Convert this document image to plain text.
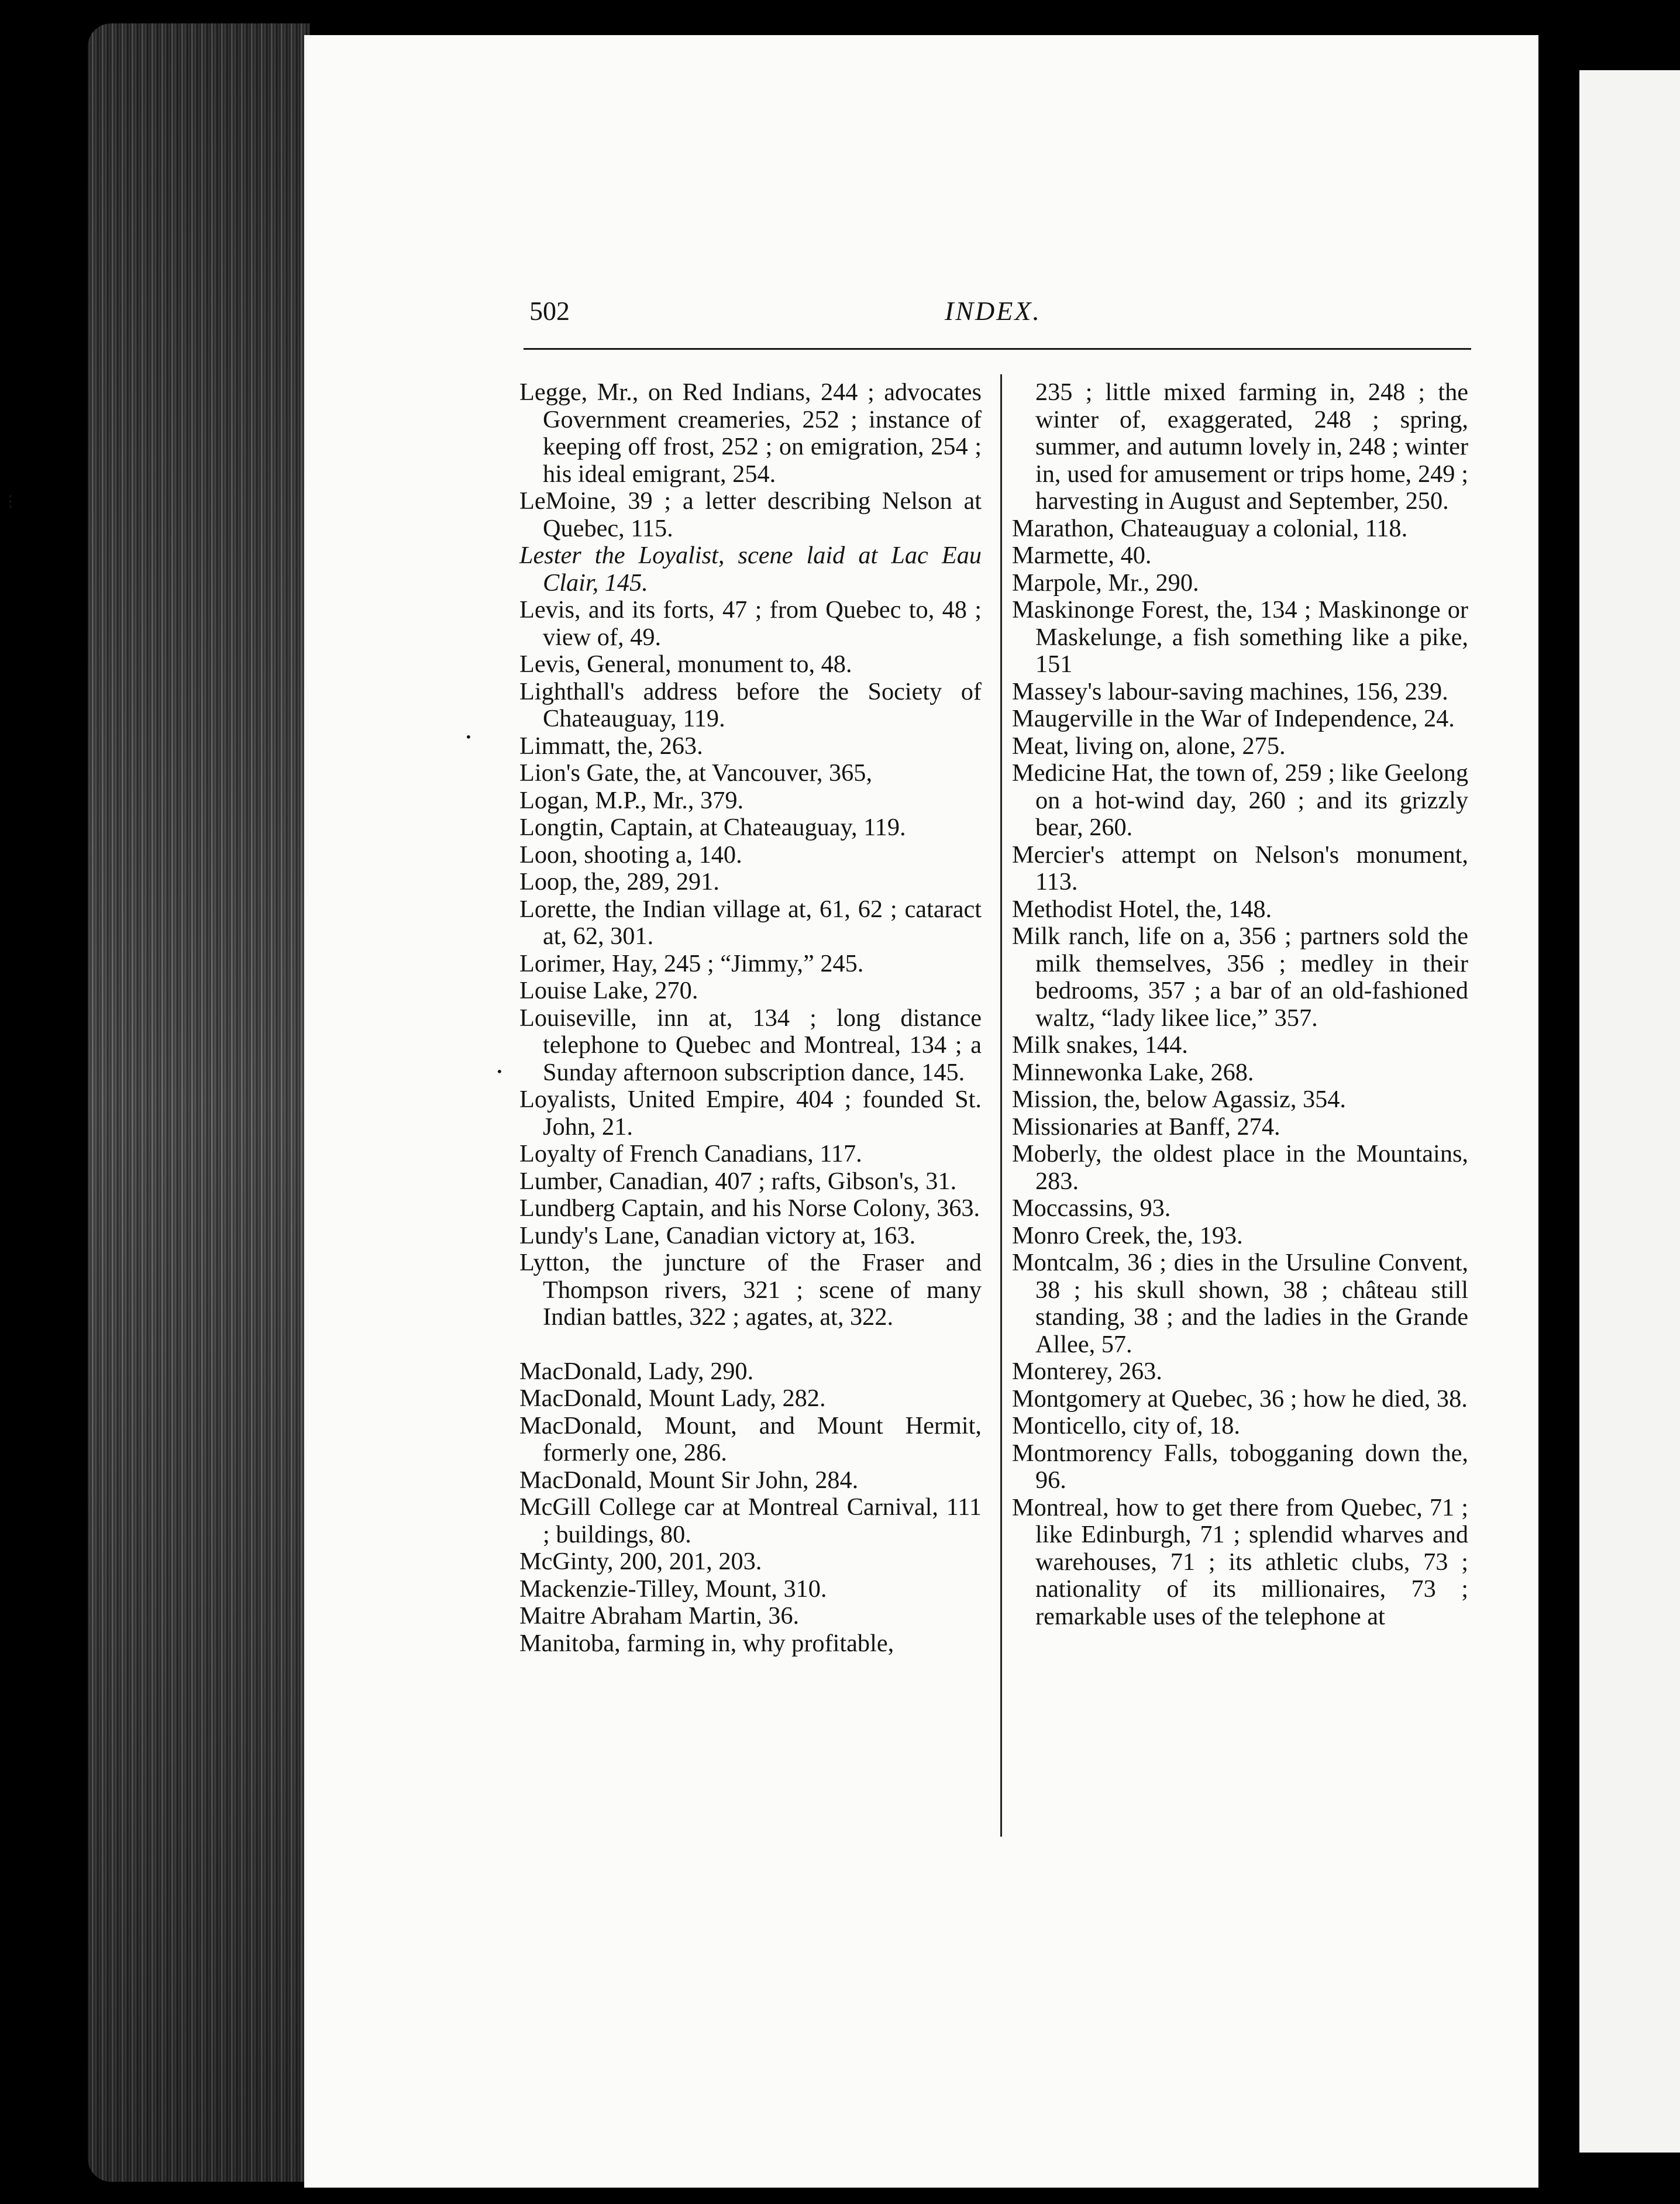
⁝
•
•
502	INDEX.

Legge, Mr., on Red Indians, 244 ; advocates Government creameries, 252 ; instance of keeping off frost, 252 ; on emigration, 254 ; his ideal emigrant, 254.

LeMoine, 39 ; a letter describing Nelson at Quebec, 115.

Lester the Loyalist, scene laid at Lac Eau Clair, 145.

Levis, and its forts, 47 ; from Quebec to, 48 ; view of, 49.

Levis, General, monument to, 48.

Lighthall's address before the Society of Chateauguay, 119.

Limmatt, the, 263.

Lion's Gate, the, at Vancouver, 365,

Logan, M.P., Mr., 379.

Longtin, Captain, at Chateauguay, 119.

Loon, shooting a, 140.

Loop, the, 289, 291.

Lorette, the Indian village at, 61, 62 ; cataract at, 62, 301.

Lorimer, Hay, 245 ; “Jimmy,” 245.

Louise Lake, 270.

Louiseville, inn at, 134 ; long distance telephone to Quebec and Montreal, 134 ; a Sunday afternoon subscription dance, 145.

Loyalists, United Empire, 404 ; founded St. John, 21.

Loyalty of French Canadians, 117.

Lumber, Canadian, 407 ; rafts, Gibson's, 31.

Lundberg Captain, and his Norse Colony, 363.

Lundy's Lane, Canadian victory at, 163.

Lytton, the juncture of the Fraser and Thompson rivers, 321 ; scene of many Indian battles, 322 ; agates, at, 322.

MacDonald, Lady, 290.

MacDonald, Mount Lady, 282.

MacDonald, Mount, and Mount Hermit, formerly one, 286.

MacDonald, Mount Sir John, 284.

McGill College car at Montreal Carnival, 111 ; buildings, 80.

McGinty, 200, 201, 203.

Mackenzie-Tilley, Mount, 310.

Maitre Abraham Martin, 36.

Manitoba, farming in, why profitable,

235 ; little mixed farming in, 248 ; the winter of, exaggerated, 248 ; spring, summer, and autumn lovely in, 248 ; winter in, used for amusement or trips home, 249 ; harvesting in August and September, 250.

Marathon, Chateauguay a colonial, 118.

Marmette, 40.

Marpole, Mr., 290.

Maskinonge Forest, the, 134 ; Maskinonge or Maskelunge, a fish something like a pike, 151

Massey's labour-saving machines, 156, 239.

Maugerville in the War of Independence, 24.

Meat, living on, alone, 275.

Medicine Hat, the town of, 259 ; like Geelong on a hot-wind day, 260 ; and its grizzly bear, 260.

Mercier's attempt on Nelson's monument, 113.

Methodist Hotel, the, 148.

Milk ranch, life on a, 356 ; partners sold the milk themselves, 356 ; medley in their bedrooms, 357 ; a bar of an old-fashioned waltz, “lady likee lice,” 357.

Milk snakes, 144.

Minnewonka Lake, 268.

Mission, the, below Agassiz, 354.

Missionaries at Banff, 274.

Moberly, the oldest place in the Mountains, 283.

Moccassins, 93.

Monro Creek, the, 193.

Montcalm, 36 ; dies in the Ursuline Convent, 38 ; his skull shown, 38 ; château still standing, 38 ; and the ladies in the Grande Allee, 57.

Monterey, 263.

Montgomery at Quebec, 36 ; how he died, 38.

Monticello, city of, 18.

Montmorency Falls, tobogganing down the, 96.

Montreal, how to get there from Quebec, 71 ; like Edinburgh, 71 ; splendid wharves and warehouses, 71 ; its athletic clubs, 73 ; nationality of its millionaires, 73 ; remarkable uses of the telephone at
